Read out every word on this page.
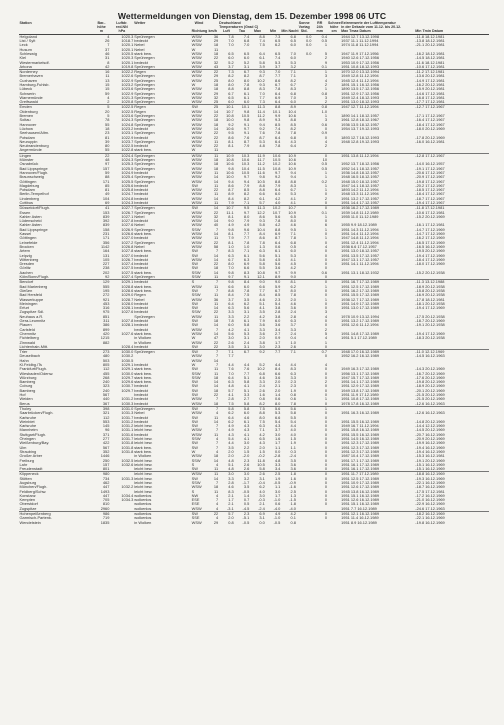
Wettermeldungen von Dienstag, dem 15. Dezember 1998 06 UTC
Station	Bar.-	Luftdr.	Wetter	Wind		Deutschland					Sonne	RR	Schnee	Extremwerte der Lufttemperatur	
	höhe	red.NN				Temperaturen (Grad C)					Vortag	24h	höhe	in der Dekade vom 11.12. bis 20.12.	
	m	hPa		Richtung	km/h	Luft	Tau	Max	Min	Min Nacht	Std.	mm	cm	Max Tmax Datum	Min Tmin Datum
Helgoland	4	1020.3	Sprühregen	WSW	36	7.8	7.4	8.8	7.3	6.8	0.0	0.4		1944 12.7 13.12.1998	-11.8 18.12.1981
List / Sylt	26	1018.7	bedeckt	WSW	29	7.0	6.8	7.4	6.5	6.5	0.0	0.5		1937 11.1 11.12.1994	-13.8 18.12.1981
Leck	7	1020.1	Nebel	WSW	18	7.0	7.0	7.5	6.2	6.0	0.0	1		1974 11.8 11.12.1994	-21.1 20.12.1981
Husum	37	1020.1	Nebel	W	11										
Schleswig	46	1020.5	stark bew.	WSW	18	6.5	6.5	6.4	6.5	7.0	0.0	5		1947 11.9 17.12.1956	-16.2 18.12.1981
Kiel	31	1020.3	Sprühregen	WSW	22	6.0	6.0	6.1	7.4	6.0		2		1940 12.6 17.12.1956	-14.5 18.12.1981
Westermarkelsdf.	8	1020.1	bedeckt	WSW	32	5.2	5.2	5.8	5.3	5.3		9		1953 10.9 17.12.1956	-11.6 18.12.1981
Arkona	42	1019.8	Sprühregen	WSW	43	3.7	3.1	3.9	3.7	3.2		0.1		1951 10.8 18.12.1993	-10.6 17.12.1981
Norderney	16	1022.2	Regen	WSW	22	7.3	6.7	9.3	7.0	7.1		1		1970 12.0 13.12.1994	-11.2 17.12.1981
Bremerhaven	11	1022.6	Sprühregen	WSW	29	8.2	8.2	8.7	7.7	7.1		3		1949 12.8 11.12.1994	-13.6 20.12.1981
Cuxhaven	13	1022.9	Sprühregen	WSW	25	8.0	8.0	10.2	8.6	8.2		4		1945 12.4 11.12.1994	-14.9 17.12.1981
Hamburg-Fuhlsb.	15	1023.2	Sprühregen	W	18	8.0	7.8	9.3	6.7	6.7		2		1891 15.1 16.12.1956	-16.2 20.12.1981
Lübeck	15	1023.6	Sprühregen	WSW	18	8.8	8.8	8.3	7.8	8.3		1		1890 13.5 17.12.1956	-15.9 20.12.1981
Schwerin	59	1022.9	Sprühregen	WSW	29	6.7	6.1	7.0	6.4	6.8		0.8		1951 12.9 17.12.1956	-14.6 17.12.1981
Warnemünde	4	1021.3	Sprühregen	WSW	32	6.5	6.1	7.7	6.9	7.0		3		1949 12.4 18.12.1993	-16.8 17.12.1981
Greifswald	2	1020.8	Sprühregen	WSW	25	6.0	6.0	7.3	6.4	6.0		2		1951 13.0 18.12.1993	-17.7 17.12.1981
Emden	5	1022.5	Regen	SW	25	10.1	10.1	11.3	8.8	8.9		0.8		1947 12.7 11.12.1994	-12.7 17.12.1967
Oldenburg	20	1022.5	Regen	WSW	14	10.7	9.8	11.4	10.1	10.4		1.0			
Bremen	5	1023.6	Sprühregen	WSW	22	10.8	10.5	11.2	9.9	10.6		1		1890 14.1 18.12.1957	-17.1 17.12.1967
Soltau	78	1024.3	Sprühregen	WSW	18	10.0	9.8	8.9	9.3	8.8		3		1961 12.8 18.12.1967	-16.4 17.12.1967
Hannover	55	1024.8	Sprühregen	WSW	18	9.2	9.1	9.4	8.5	8.5		0.6		1936 13.5 18.12.1957	-18.4 17.12.1967
Lüchow	18	1023.2	bedeckt	WSW	14	10.6	9.7	9.2	7.4	8.2		0		1954 13.7 19.12.1993	-18.0 20.12.1969
Seehausen/Altm.	23	1023.1	Sprühregen	WSW	22	9.5	9.1	7.6	7.8	7.8		0.9			
Potsdam	81	1022.9	bedeckt	WSW	22	8.6	7.6	8.7	6.4	6.8		0		1893 12.7 18.12.1993	-17.8 20.12.1969
Neuruppin	39	1023.7	Sprühregen	WSW	11	8.1	8.7	5.3	6.4	4.3		4		1948 12.8 19.12.1993	-16.0 16.12.1981
Neubrandenburg	80	1022.5	bedeckt	WSW	22	8.1	7.9	4.8	7.8	6.4		2			
Angermünde	55	1022.8	stark bew.	W	11										
Lingen	22	1024.4	Sprühregen	WSW	11	10.9	10.3	11.9	10.6	10.9		0		1951 13.8 11.12.1994	-12.8 17.12.1967
Münster	48	1024.3	Sprühregen	WSW	18	10.8	10.6	11.7	10.5	10.6		10			
Osnabrück	97	1025.3	Sprühregen	WSW	18	10.6	10.3	11.2	10.2	10.6		0.5		1952 13.7 18.12.1956	-14.0 16.12.1957
Bad Lippspringe	157	1025.5	Sprühregen	WSW	18	9.8	10.4	11.5	10.8	10.9		0.5		1952 14.1 18.12.1957	-19.1 17.12.1967
Hannover/Flugh.	59	1024.9	bedeckt	WSW	11	10.6	10.5	11.6	9.7	9.4		1		1936 14.8 18.12.1957	-20.6 17.12.1967
Braunschweig	88	1025.4	Sprühregen	WSW	14	10.0	9.7	9.8	9.2	9.4		1		1948 16.5 18.12.1957	-20.9 17.12.1967
Göttingen	171	1025.5	Sprühregen	WSW	14	9.4	9.4	10.5	8.8	8.8		0.2		1948 15.0 18.12.1957	-19.8 17.12.1967
Magdeburg	85	1025.6	bedeckt	SW	11	8.6	7.9	8.8	7.9	8.3		1		1947 14.1 18.12.1957	-20.2 17.12.1967
Potsdam	81	1025.8	bedeckt	WSW	22	8.7	8.5	8.8	6.4	6.7		1		1893 14.2 11.12.1994	-18.5 17.12.1967
Berlin-Tempelhof	49	1024.7	bedeckt	WSW	11	8.9	8.2	6.6	6.0	5.3		0		1948 13.3 11.12.1994	-18.4 17.12.1967
Lindenberg	104	1024.8	bedeckt	WSW	14	8.4	8.2	6.1	4.2	4.1		2		1951 13.2 17.12.1957	-18.7 17.12.1967
Cottbus	69	1024.3	bedeckt	WSW	11	7.9	7.1	5.7	4.0	4.1		0		1951 14.4 17.12.1957	-19.4 17.12.1967
Düsseldorf/Flugh.	41	1027.7	Sprühregen	SW	14	10.7	9.5	11.3	10.2	10.7		0		1936 16.2 17.12.1989	-11.8 17.12.1981
Essen	153	1026.7	Sprühregen	WSW	22	11.1	9.7	12.2	10.7	10.9		0.1		1939 14.8 11.12.1989	-10.6 17.12.1981
Kahler Asten	839	1027.1	Nebel	WSW	32	8.1	8.0	8.6	5.6	6.5		1		1955 11.0 11.12.1989	-15.2 20.12.1969
Lüdenscheid	392	1027.8	bedeckt	WSW	14	9.0	7.9	9.3	7.8	8.0		0			
Kahler Asten	839	1027.6	Nebel	WSW	40	4.9	4.9	5.8	4.2	4.6		6		1955 9.9 18.12.1989	-16.1 17.12.1981
Bad Lippspringe	158	1026.9	Sprühregen	SSW	7	9.8	9.6	10.4	8.8	9.5		1		1951 14.3 11.12.1994	-14.7 17.12.1969
Kassel	231	1026.6	stark bew.	WSW	14	8.1	7.7	8.4	6.9	7.1		0		1951 14.4 11.12.1994	-14.7 17.12.1969
Göttingen	171	1027.0	bedeckt	WSW	11	7.9	7.7	8.6	8.7	7.8		1		1947 14.8 11.12.1994	-16.2 17.12.1969
Leinefelde	356	1027.2	Sprühregen	WSW	22	8.1	7.8	7.8	6.4	6.8		0		1951 12.4 11.12.1994	-16.5 17.12.1969
Brocken	1142	1026.8	Nebel	WSW	58	1.0	1.0	1.3	0.6	0.5		4		1936 6.6 17.12.1957	-16.5 16.12.1969
Artern	164	1027.8	stark bew.	SW	7	8.3	7.1	6.3	6.1	6.0		0		1951 13.0 18.12.1957	-19.5 20.12.1969
Leipzig	131	1027.0	bedeckt	SW	14	6.3	6.1	5.6	5.1	5.3		0		1951 13.5 17.12.1957	-19.4 17.12.1969
Wittenberg	105	1026.7	bedeckt	WSW	14	6.7	6.3	5.8	4.5	4.1		0		1947 13.1 17.12.1957	-18.4 17.12.1969
Dresden	227	1027.4	bedeckt	SW	22	8.0	6.9	5.8	5.6	4.5		0		1951 14.1 11.12.1994	-18.0 17.12.1969
Görlitz	238	1027.5	bedeckt	SW	18	7.0	6.6	5.5	3.6	4.2		0			
Aachen	202	1027.5	stark bew.	SSW	14	9.8	8.3	10.8	9.7	9.9		0.6		1951 13.1 18.12.1932	-15.2 20.12.1938
Köln/Bonn/Flugh.	92	1027.4	Sprühregen	SSW	11	9.7	9.1	12.1	8.9	9.0		0			
Bendorf	129	1029.1	bedeckt	S	7	9.8	8.4	9.0	9.0	8.1		0		1951 16.7 17.12.1989	-11.3 13.12.1988
Bad Marienberg	555	1028.8	stark bew.	WSW	11	6.6	6.0	6.6	5.9	6.2		1		1951 12.5 17.12.1989	-18.9 20.12.1938
Gießen	195	1028.6	stark bew.	SW	7	8.8	7.8	7.7	6.7	8.0		0		1951 16.2 17.12.1989	-15.8 20.12.1938
Bad Hersfeld	272	1029.0	Regen	SSW	11	8.4	7.5	8.4	8.5	7.8		0		1951 15.5 17.12.1989	-16.9 20.12.1938
Wasserkuppe	921	1028.7	Nebel	WSW	36	3.7	3.5	4.6	2.3	2.0		1		1936 12.7 17.12.1989	-17.8 18.12.1981
Meiningen	453	1028.0	bedeckt	SW	11	6.4	6.2	5.1	5.4	4.6		0		1951 14.9 17.12.1989	-18.1 20.12.1938
Erfurt	316	1028.1	bedeckt	SW	14	6.3	5.6	4.1	3.8	3.6		0		1951 13.0 17.12.1989	-19.4 17.12.1969
Zugspitze Sdl.	975	1027.6	bedeckt	SSW	22	3.3	3.1	3.5	2.8	2.4		3			
Neuhaus a.R.	851		Sprühregen	WSW	11	3.3	2.2	4.2	3.8	2.8		4		1978 10.9 13.12.1994	-17.5 20.12.1938
Gera-Leumnitz	311	1027.8	bedeckt	SW	18	7.8	6.1	7.9	6.0	6.3		0		1951 13.2 17.12.1989	-18.7 20.12.1969
Plauen	386	1028.1	bedeckt	SW	14	6.0	5.8	3.6	3.6	3.7		0		1951 12.6 11.12.1994	-19.1 20.12.1938
Carlsfeld	899		bedeckt	WSW	7	4.2	4.1	3.3	3.4	3.3		2			
Chemnitz	420	1027.6	stark bew.	WSW	14	5.6	5.3	3.6	2.7	2.4		5		1951 14.8 17.12.1989	-19.4 17.12.1969
Fichtelberg	1215		in Wolken	W	47	3.0	3.1	2.0	0.9	0.4		4		1951 5.1 17.12.1989	-18.3 20.12.1938
Zinnwald	882		in Wolken	WSW	22	2.6	2.4	3.8	1.7	1.0		1			
Lichtenhain-Mitt.		1028.4	bedeckt	SW	22	3.5	3.1	3.0	2.3	2.6		0			
Trier	273	1030.0	Sprühregen	SW	7	7.1	6.7	9.2	7.7	7.1		0.7		1948 17.0 16.12.1989	-11.0 12.12.1969
Deuselbach	480	1030.2		WSW	7	7.7						0		1952 16.2 16.12.1989	-14.5 16.12.1963
Hahn	503	1030.5		WSW	14										
Kl.Feldbg./Ts	805	1029.1	bedeckt	W	7	4.4	4.4	5.2	4.4	4.4		4			
Frankfurt/Flugh.	112	1029.1	stark bew.	SW	11	7.6	7.6	10.2	8.4	8.3		0		1949 16.3 17.12.1989	-14.3 20.12.1969
Wiesbaden/Odenw.	455	1030.0	stark bew.	SSW	11	7.0	7.7	6.8	6.6	6.3		0		1956 13.1 17.12.1989	-16.7 20.12.1969
Würzburg	268	1029.7	stark bew.	SSW	18	6.4	5.1	4.6	3.6	3.3		0		1947 15.7 17.12.1989	-17.6 20.12.1969
Bamberg	240	1029.6	stark bew.	SW	14	6.3	5.8	3.3	2.0	2.3		2		1951 14.1 17.12.1989	-19.8 20.12.1969
Coburg	323	1030.7	bedeckt	SW	14	4.8	4.1	2.4	2.1	2.3		0		1951 12.9 17.12.1989	-18.9 20.12.1969
Bamberg	240	1029.7	bedeckt	SW	18	5.7	5.1	2.6	2.0	1.9		0		1949 13.8 17.12.1989	-20.1 20.12.1969
Hof	567		bedeckt	SW	22	4.1	3.3	1.6	1.4	0.8		0		1951 11.9 17.12.1989	-21.5 20.12.1969
Weiden	440	1031.2	bedeckt	WSW	7	2.8	2.7	0.8	0.6	0.6		1		1951 10.8 17.12.1989	-21.5 20.12.1969
Berus	367	1030.3	bedeckt	WSW	18	7.5	5.8	8.2	8.0	7.8		0		1978 17.8 16.12.1989	-12.6 16.12.1963
Tholey	398	1031.0	Sprühregen	SW	7	5.8	5.8	7.5	5.6	5.6		1			
Saarbrücken/Flugh.	321	1031.3	Nebel	WSW	4	6.2	6.0	8.8	5.3	5.8		0		1951 16.3 16.12.1989	-12.6 16.12.1963
Karlsruhe	112	1031.7	bedeckt	SW	11	6.4	4.6	8.0	6.6	5.5		0			
Weinbiet	553	1031.2	bedeckt	SW	14	6.2	6.1	7.5	5.4	5.4		0		1951 15.5 16.12.1989	-14.8 20.12.1969
Karlsruhe	145	1031.2	leicht bew.	SW	7	4.9	4.3	6.3	4.3	4.4		0		1949 16.7 11.12.1994	-14.4 12.12.1969
Mannheim	96	1031.1	leicht bew.	WSW	7	4.9	4.3	7.1	3.7	4.0		0		1951 15.8 16.12.1989	-14.5 20.12.1969
Stuttgart/Flugh.	371	1031.6	bedeckt	WSW	11	4.3	4.1	4.2	3.0	4.0		0		1951 15.5 16.12.1989	-20.7 16.12.1969
Öhringen	277	1031.7	leicht bew.	SSW	4	5.4	4.1	6.5	1.6	1.5		0		1951 14.5 16.12.1989	-20.9 20.12.1969
Weißenburg/Bay.	422	1031.8	leicht bew.	SW	7	4.4	3.0	4.3	1.7	1.9		0		1951 12.3 17.12.1989	-19.9 16.12.1969
Ulm	567	1031.8	stark bew.	SW	7	3.5	2.2	2.0	1.1	1.1		0		1951 12.3 17.12.1989	-19.4 16.12.1969
Straubing	352	1031.8	stark bew.	W	4	2.0	1.5	1.5	0.0	0.3		0		1951 12.3 17.12.1989	-19.4 16.12.1969
Großer Arber	1446		in Wolken	WSW	18	2.0	-2.0	-0.2	-2.8	-2.4		0		1987 10.4 17.12.1989	-15.3 16.12.1981
Freiburg	250	1032.5	leicht bew.	SSW	14	4.8	2.3	11.8	4.8	3.5		0		1951 17.1 17.12.1989	-19.1 20.12.1969
Lahr	157	1032.6	leicht bew.	S	4	5.1	2.6	10.5	3.3	3.6		0		1951 16.1 17.12.1989	-15.1 16.12.1969
Freudenstadt	801		leicht bew.	SW	11	4.8	2.6	5.8	3.4	3.6		0		1951 16.1 17.12.1989	-15.1 16.12.1969
Klippeneck	980		leicht bew.	WSW	11	3.0	3.0	2.6	2.5	1.8		0		1951 11.7 17.12.1989	-18.8 16.12.1969
Stötten	734	1031.3	leicht bew.	SW	14	3.3	3.2	3.1	1.9	1.6		0		1951 12.5 17.12.1989	-19.3 16.12.1969
Augsburg	462		leicht bew.	SSW	7	2.8	-1.7	-0.4	-0.5	-0.9		0		1951 10.9 17.12.1989	-22.1 16.12.1969
München/Flugh.	447	1032.2	leicht bew.	WSW	18	4.6	3.5	6.2	1.1	-1.6		0		1951 12.6 17.12.1989	-18.7 16.12.1969
Feldberg/Schw.	1493		leicht bew.	S	11	8.3	-0.5	4.0	3.0	2.5		0		1945 13.8 16.12.1989	-17.5 17.12.1981
Konstanz	447	1034.4	wolkenlos	NW	4	2.1	1.4	3.0	1.7	1.3		0		1951 15.1 16.12.1989	-17.2 16.12.1969
Kempten	705	1034.3	wolkenlos	ESE	7	1.7	0.7	-0.3	-1.0	-1.5		0		1951 12.6 16.12.1989	-21.0 16.12.1969
Oberstdorf	810		wolkenlos	ESE	4	2.1	0.5	2.1	0.6	1.8		0		1951 15.1 16.12.1989	-22.9 16.12.1969
Zugspitze	2960		wolkenlos	WSW	4	-3.1	-4.5	-2.4	-4.0	-4.0				1951 7.7 16.12.1989	-24.6 17.12.1963
Hohenpeißenberg	986		wolkenlos	SW	22	5.7	2.3	6.9	4.9	4.2		0		1951 12.1 16.12.1989	-18.2 16.12.1969
Garmisch-Partenk.	719		wolkenlos	SSE	4	2.0	-5.1	3.1	-1.0	0.1		0		1951 11.4 16.12.1989	-22.1 16.12.1969
Wendelstein	1835		in Wolken	WSW	29	0.8	-0.5	0.0	-0.5	0.8				1951 8.9 16.12.1989	-19.8 16.12.1969
